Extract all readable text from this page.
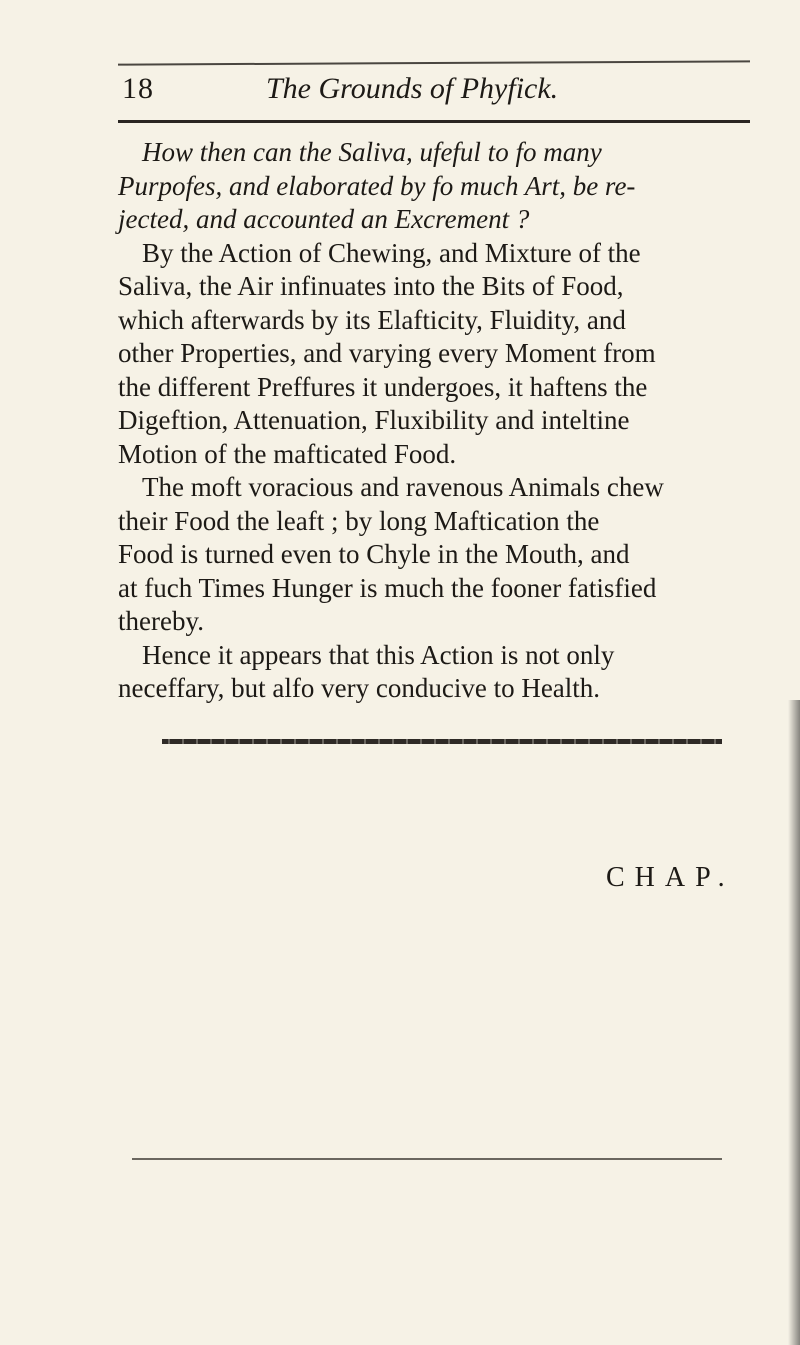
18	The Grounds of Phyfick.
How then can the Saliva, ufeful to fo many
Purpofes, and elaborated by fo much Art, be re-
jected, and accounted an Excrement ?
By the Action of Chewing, and Mixture of the
Saliva, the Air infinuates into the Bits of Food,
which afterwards by its Elafticity, Fluidity, and
other Properties, and varying every Moment from
the different Preffures it undergoes, it haftens the
Digeftion, Attenuation, Fluxibility and inteltine
Motion of the mafticated Food.
The moft voracious and ravenous Animals chew
their Food the leaft ; by long Maftication the
Food is turned even to Chyle in the Mouth, and
at fuch Times Hunger is much the fooner fatisfied
thereby.
Hence it appears that this Action is not only
neceffary, but alfo very conducive to Health.
CHAP.
